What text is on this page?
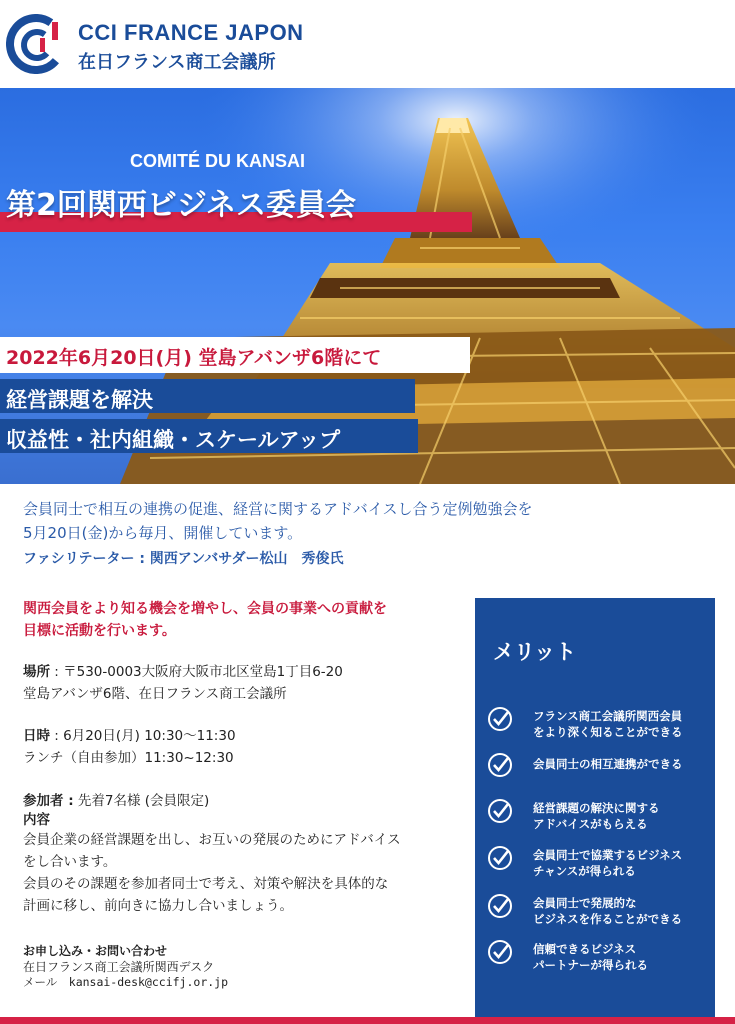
CCI FRANCE JAPON
在日フランス商工会議所
COMITÉ DU KANSAI
第2回関西ビジネス委員会
2022年6月20日(月) 堂島アバンザ6階にて
経営課題を解決
収益性・社内組織・スケールアップ
会員同士で相互の連携の促進、経営に関するアドバイスし合う定例勉強会を
5月20日(金)から毎月、開催しています。
ファシリテーター : 関西アンバサダー松山　秀俊氏
関西会員をより知る機会を増やし、会員の事業への貢献を
目標に活動を行います。
場所 : 〒530-0003大阪府大阪市北区堂島1丁目6-20
堂島アバンザ6階、在日フランス商工会議所
日時 : 6月20日(月) 10:30〜11:30
ランチ（自由参加）11:30~12:30
参加者 : 先着7名様 (会員限定)
内容
会員企業の経営課題を出し、お互いの発展のためにアドバイス
をし合います。
会員のその課題を参加者同士で考え、対策や解決を具体的な
計画に移し、前向きに協力し合いましょう。
お申し込み・お問い合わせ
在日フランス商工会議所関西デスク
メール　kansai-desk@ccifj.or.jp
メリット
フランス商工会議所関西会員
をより深く知ることができる
会員同士の相互連携ができる
経営課題の解決に関する
アドバイスがもらえる
会員同士で協業するビジネス
チャンスが得られる
会員同士で発展的な
ビジネスを作ることができる
信頼できるビジネス
パートナーが得られる
